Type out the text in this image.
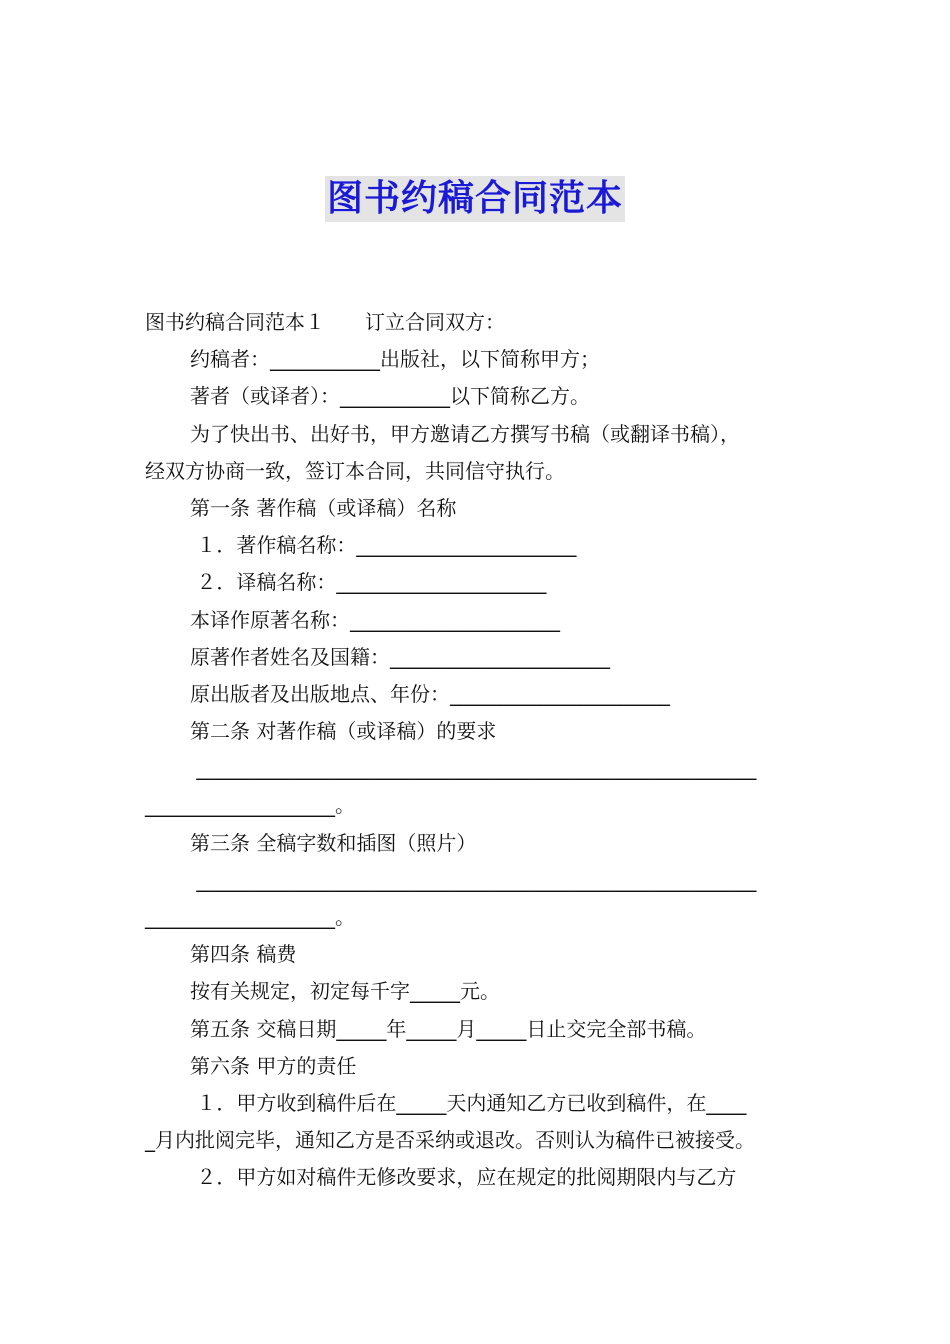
图书约稿合同范本
图书约稿合同范本１　　订立合同双方：
约稿者：___________出版社，以下简称甲方；
著者（或译者）：___________以下简称乙方。
为了快出书、出好书，甲方邀请乙方撰写书稿（或翻译书稿），
经双方协商一致，签订本合同，共同信守执行。
第一条 著作稿（或译稿）名称
１．著作稿名称：______________________
２．译稿名称：_____________________
本译作原著名称：_____________________
原著作者姓名及国籍：______________________
原出版者及出版地点、年份：______________________
第二条 对著作稿（或译稿）的要求
________________________________________________________
___________________。
第三条 全稿字数和插图（照片）
________________________________________________________
___________________。
第四条 稿费
按有关规定，初定每千字_____元。
第五条 交稿日期_____年_____月_____日止交完全部书稿。
第六条 甲方的责任
１．甲方收到稿件后在_____天内通知乙方已收到稿件，在____
_月内批阅完毕，通知乙方是否采纳或退改。否则认为稿件已被接受。
２．甲方如对稿件无修改要求，应在规定的批阅期限内与乙方
